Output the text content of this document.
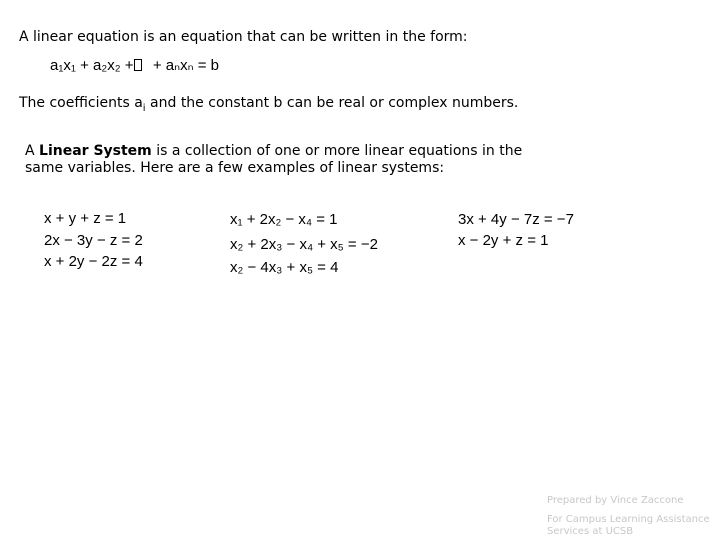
A linear equation is an equation that can be written in the form:
a₁x₁ + a₂x₂ + + aₙxₙ = b
The coefficients $a_i$ and the constant b can be real or complex numbers.
A Linear System is a collection of one or more linear equations in the
same variables. Here are a few examples of linear systems:
x + y + z = 1
2x − 3y − z = 2
x + 2y − 2z = 4
x₁ + 2x₂ − x₄ = 1
x₂ + 2x₃ − x₄ + x₅ = −2
x₂ − 4x₃ + x₅ = 4
3x + 4y − 7z = −7
x − 2y + z = 1
Prepared by Vince Zaccone
For Campus Learning Assistance
Services at UCSB
